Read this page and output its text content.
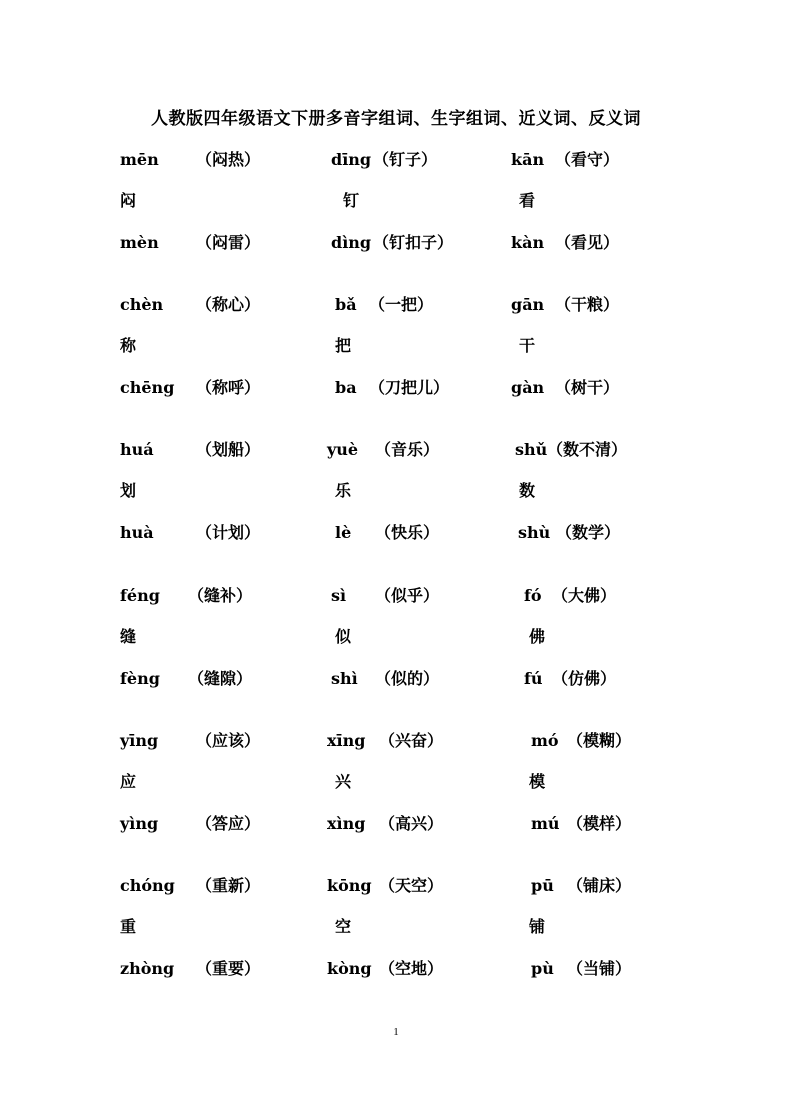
人教版四年级语文下册多音字组词、生字组词、近义词、反义词
mēn （闷热）
闷
mèn （闷雷）
dīng （钉子）
钉
dìng （钉扣子）
kān （看守）
看
kàn （看见）
chèn （称心）
称
chēng （称呼）
bǎ （一把）
把
ba （刀把儿）
gān （干粮）
干
gàn （树干）
huá	（划船）
划
huà	（计划）
yuè （音乐）
乐
lè （快乐）
shǔ（数不清）
数
shù （数学）
féng （缝补）
缝
fèng （缝隙）
sì （似乎）
似
shì （似的）
fó （大佛）
佛
fú （仿佛）
yīng （应该）
应
yìng （答应）
xīng （兴奋）
兴
xìng （高兴）
mó （模糊）
模
mú （模样）
chóng （重新）
重
zhòng （重要）
kōng （天空）
空
kòng （空地）
pū （铺床）
铺
pù （当铺）
1
